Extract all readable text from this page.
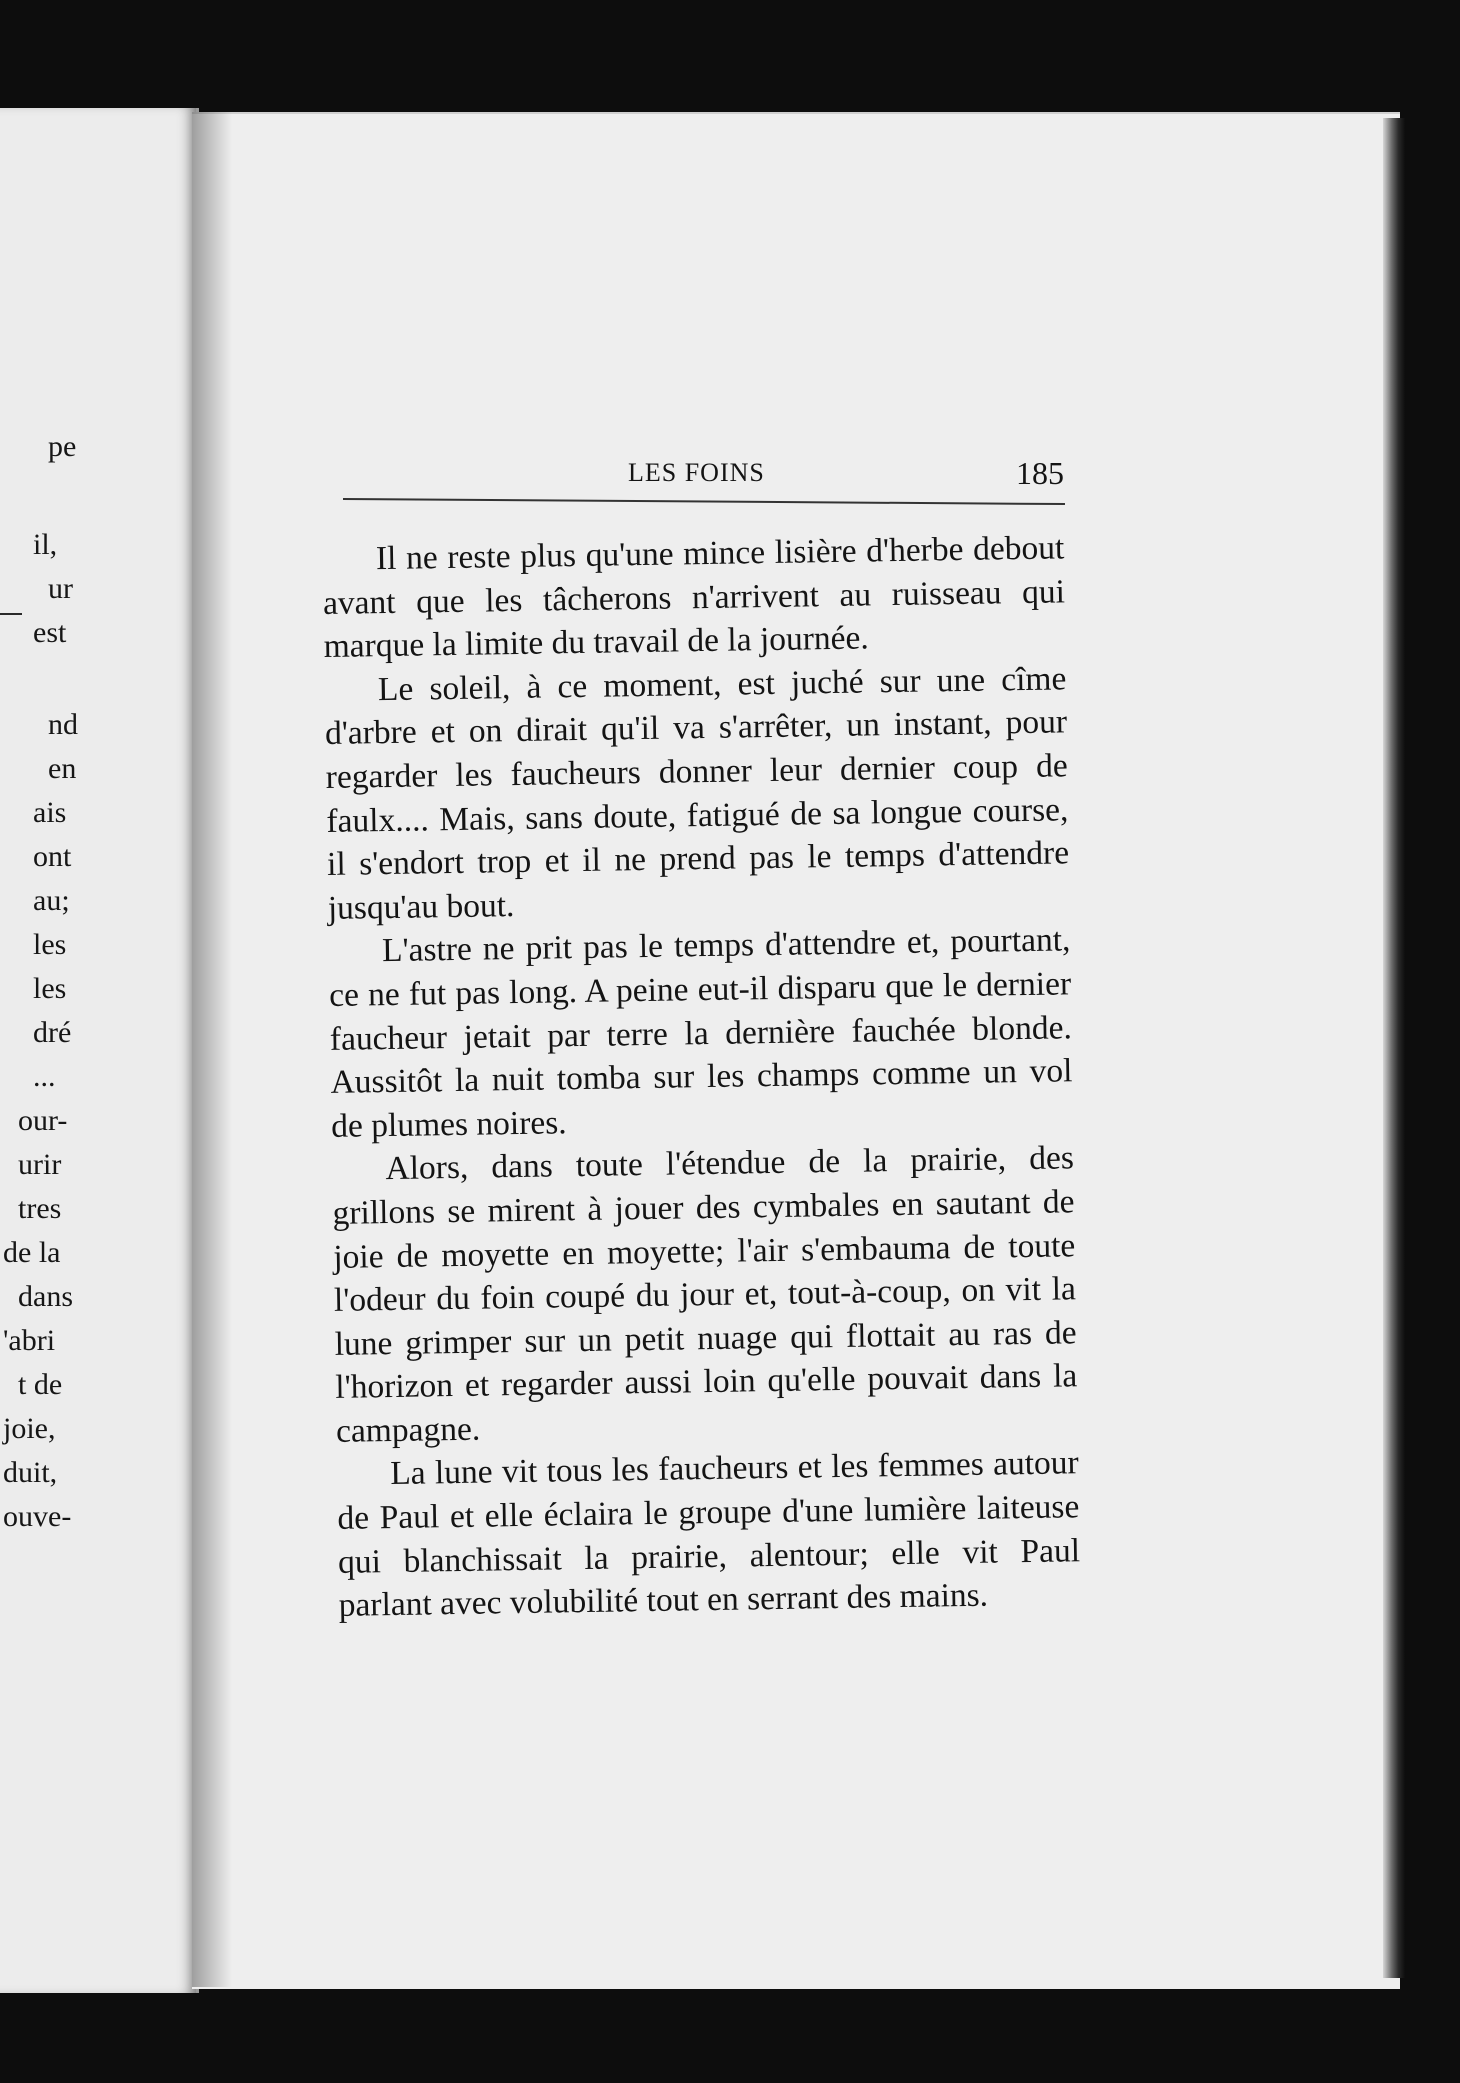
pe
il,
ur
est
nd
en
ais
ont
au;
les
les
dré
...
our-
urir
tres
de la
dans
'abri
t de
joie,
duit,
ouve-
LES FOINS	185

Il ne reste plus qu'une mince lisière d'herbe debout avant que les tâcherons n'arrivent au ruisseau qui marque la limite du travail de la journée.

Le soleil, à ce moment, est juché sur une cîme d'arbre et on dirait qu'il va s'arrêter, un instant, pour regarder les faucheurs donner leur dernier coup de faulx.... Mais, sans doute, fatigué de sa longue course, il s'endort trop et il ne prend pas le temps d'attendre jusqu'au bout.

L'astre ne prit pas le temps d'attendre et, pourtant, ce ne fut pas long. A peine eut-il disparu que le dernier faucheur jetait par terre la dernière fauchée blonde. Aussitôt la nuit tomba sur les champs comme un vol de plumes noires.

Alors, dans toute l'étendue de la prairie, des grillons se mirent à jouer des cymbales en sautant de joie de moyette en moyette; l'air s'embauma de toute l'odeur du foin coupé du jour et, tout-à-coup, on vit la lune grimper sur un petit nuage qui flottait au ras de l'horizon et regarder aussi loin qu'elle pouvait dans la campagne.

La lune vit tous les faucheurs et les femmes autour de Paul et elle éclaira le groupe d'une lumière laiteuse qui blanchissait la prairie, alentour; elle vit Paul parlant avec volubilité tout en serrant des mains.
